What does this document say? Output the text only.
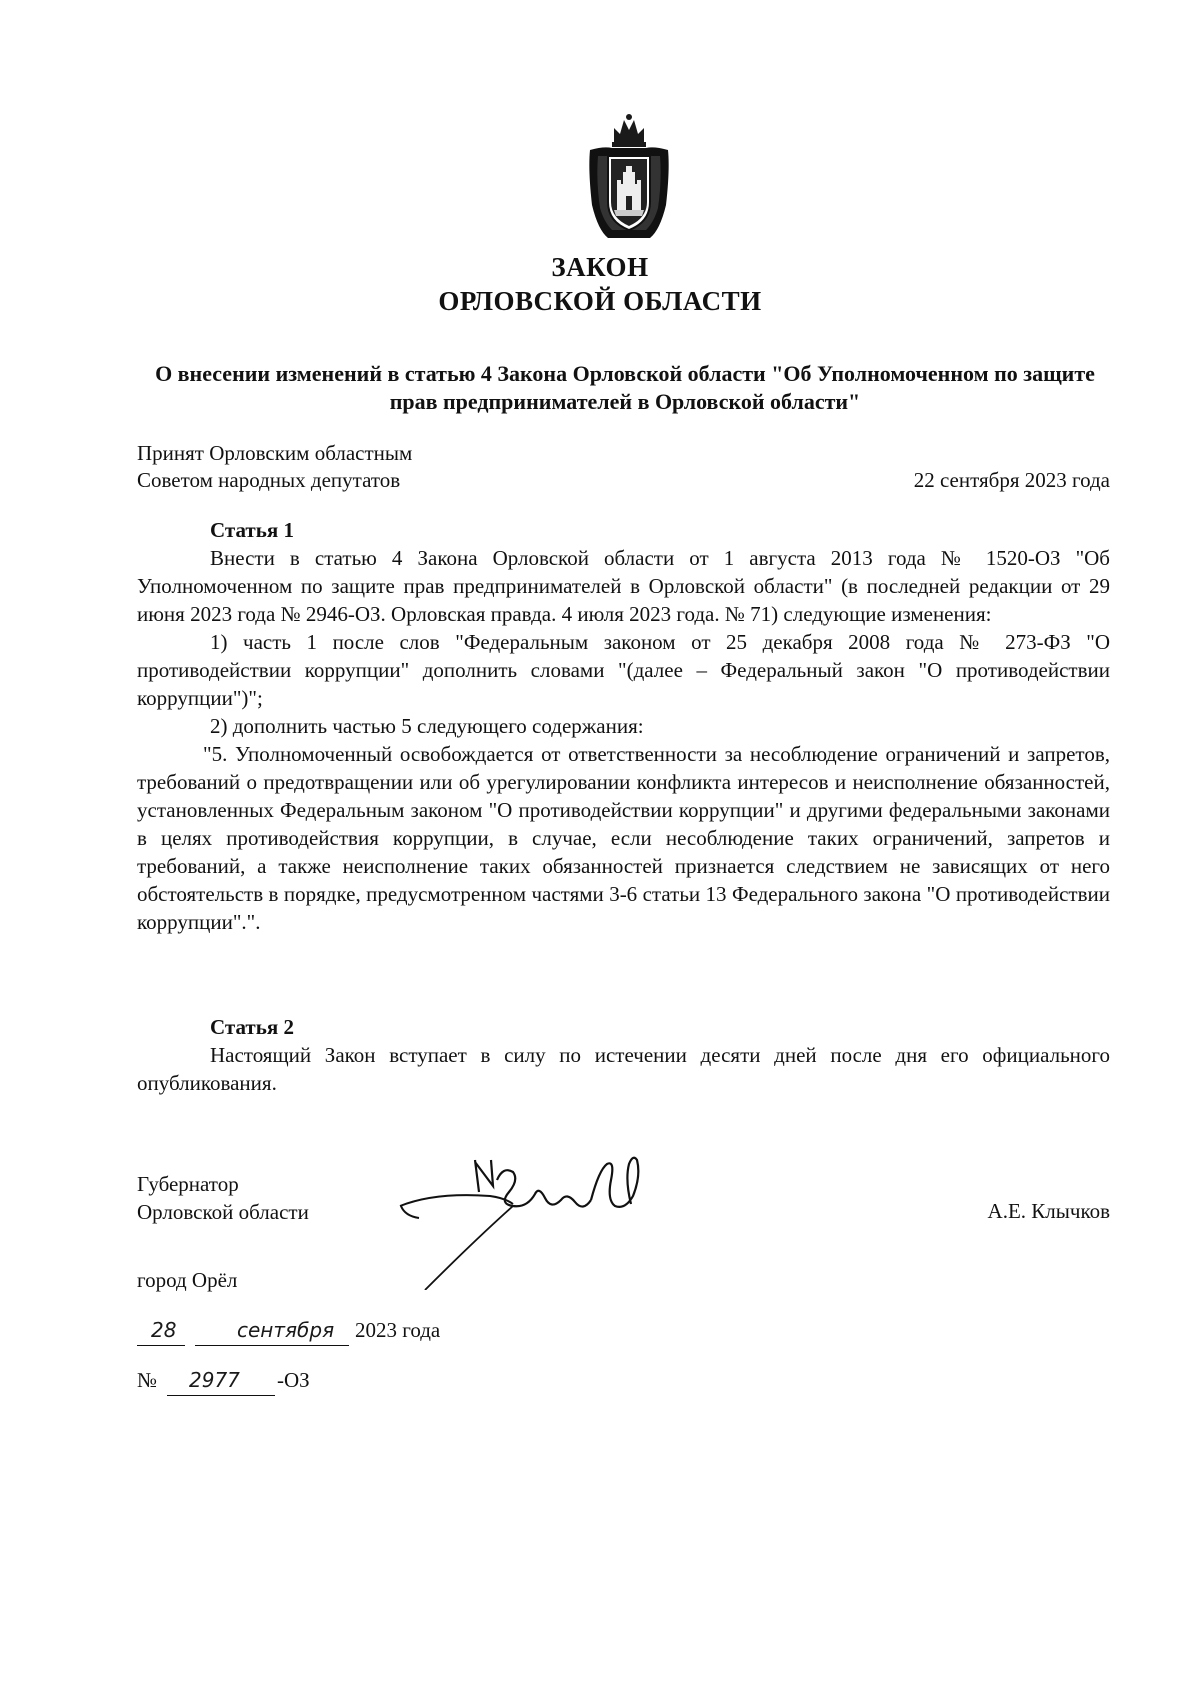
ЗАКОН
ОРЛОВСКОЙ ОБЛАСТИ
О внесении изменений в статью 4 Закона Орловской области "Об Уполномоченном по защите прав предпринимателей в Орловской области"
Принят Орловским областным
Советом народных депутатов	22 сентября 2023 года
Статья 1
Внести в статью 4 Закона Орловской области от 1 августа 2013 года № 1520-ОЗ "Об Уполномоченном по защите прав предпринимателей в Орловской области" (в последней редакции от 29 июня 2023 года № 2946-ОЗ. Орловская правда. 4 июля 2023 года. № 71) следующие изменения:
1) часть 1 после слов "Федеральным законом от 25 декабря 2008 года № 273-ФЗ "О противодействии коррупции" дополнить словами "(далее – Федеральный закон "О противодействии коррупции")";
2) дополнить частью 5 следующего содержания:
"5. Уполномоченный освобождается от ответственности за несоблюдение ограничений и запретов, требований о предотвращении или об урегулировании конфликта интересов и неисполнение обязанностей, установленных Федеральным законом "О противодействии коррупции" и другими федеральными законами в целях противодействия коррупции, в случае, если несоблюдение таких ограничений, запретов и требований, а также неисполнение таких обязанностей признается следствием не зависящих от него обстоятельств в порядке, предусмотренном частями 3-6 статьи 13 Федерального закона "О противодействии коррупции".".
Статья 2
Настоящий Закон вступает в силу по истечении десяти дней после дня его официального опубликования.
Губернатор
Орловской области	А.Е. Клычков
город Орёл
28	сентября 2023 года
№ 2977 -ОЗ
